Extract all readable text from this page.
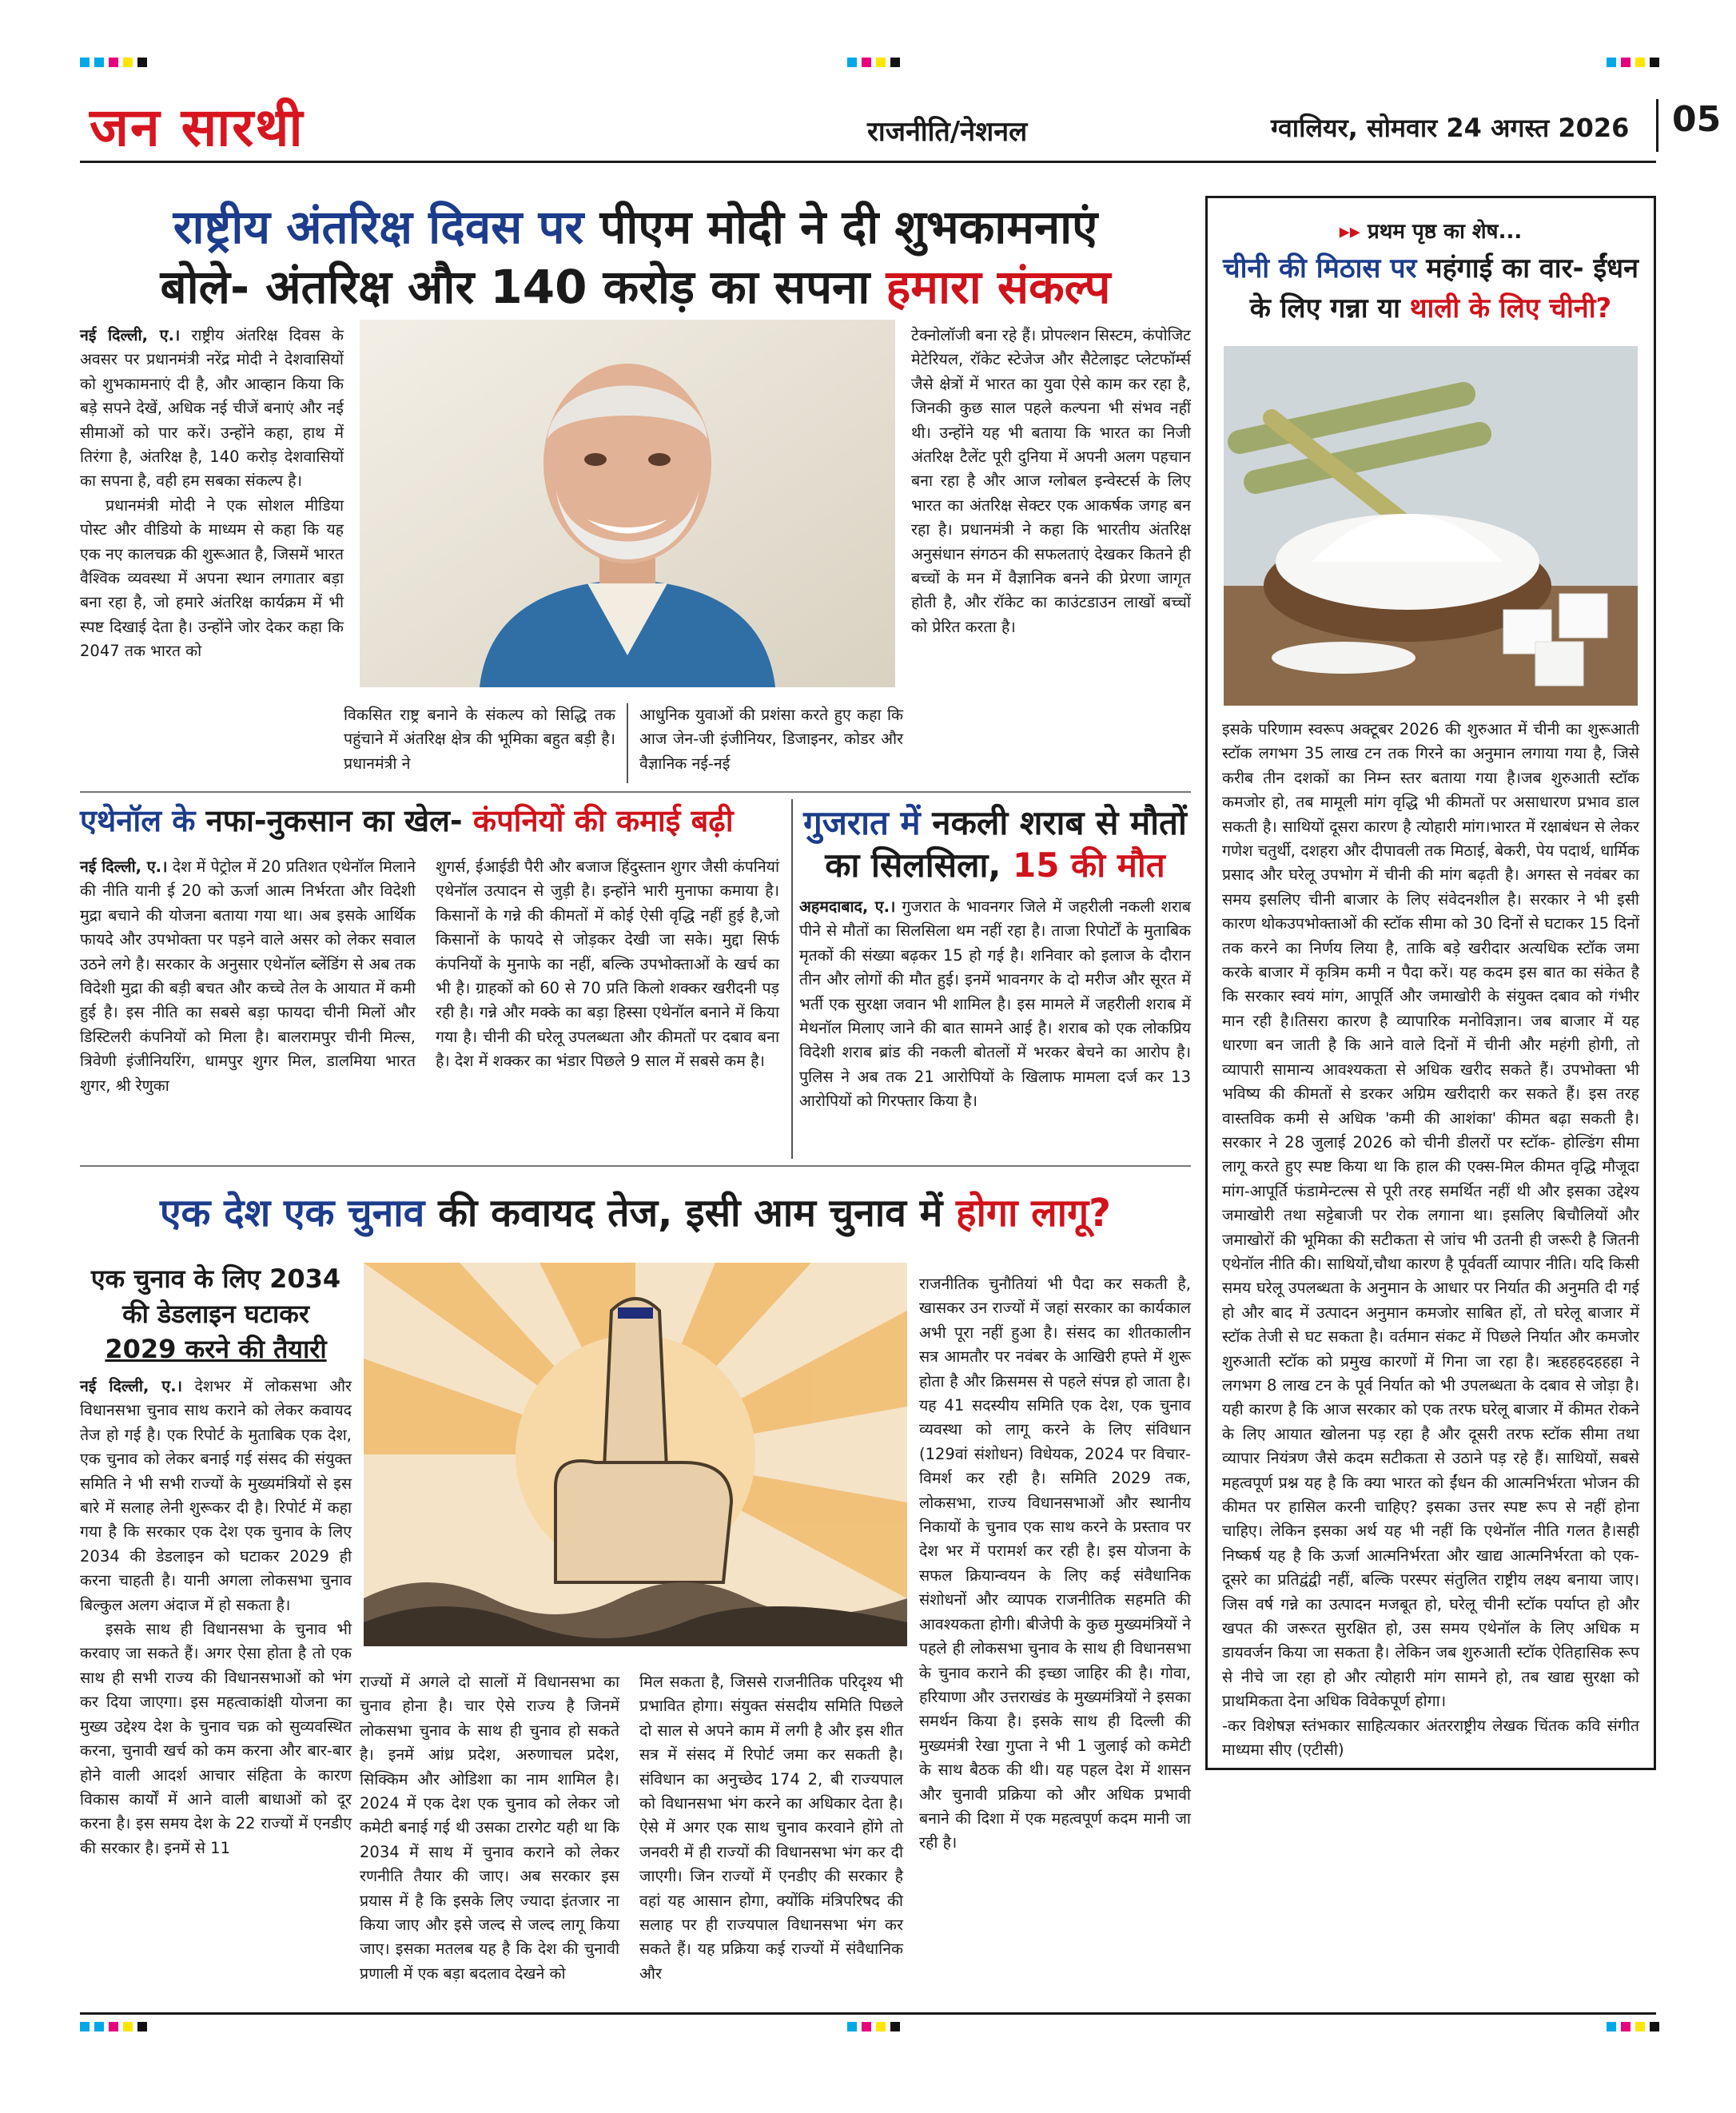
जन सारथी	राजनीति/नेशनल	ग्वालियर, सोमवार 24 अगस्त 2026 05
राष्ट्रीय अंतरिक्ष दिवस पर पीएम मोदी ने दी शुभकामनाएं
बोले- अंतरिक्ष और 140 करोड़ का सपना हमारा संकल्प

नई दिल्ली, ए.। राष्ट्रीय अंतरिक्ष दिवस के अवसर पर प्रधानमंत्री नरेंद्र मोदी ने देशवासियों को शुभकामनाएं दी है, और आव्हान किया कि बड़े सपने देखें, अधिक नई चीजें बनाएं और नई सीमाओं को पार करें। उन्होंने कहा, हाथ में तिरंगा है, अंतरिक्ष है, 140 करोड़ देशवासियों का सपना है, वही हम सबका संकल्प है।

प्रधानमंत्री मोदी ने एक सोशल मीडिया पोस्ट और वीडियो के माध्यम से कहा कि यह एक नए कालचक्र की शुरूआत है, जिसमें भारत वैश्विक व्यवस्था में अपना स्थान लगातार बड़ा बना रहा है, जो हमारे अंतरिक्ष कार्यक्रम में भी स्पष्ट दिखाई देता है। उन्होंने जोर देकर कहा कि 2047 तक भारत को

विकसित राष्ट्र बनाने के संकल्प को सिद्धि तक पहुंचाने में अंतरिक्ष क्षेत्र की भूमिका बहुत बड़ी है। प्रधानमंत्री ने
आधुनिक युवाओं की प्रशंसा करते हुए कहा कि आज जेन-जी इंजीनियर, डिजाइनर, कोडर और वैज्ञानिक नई-नई
टेक्नोलॉजी बना रहे हैं। प्रोपल्शन सिस्टम, कंपोजिट मेटेरियल, रॉकेट स्टेजेज और सैटेलाइट प्लेटफॉर्म्स जैसे क्षेत्रों में भारत का युवा ऐसे काम कर रहा है, जिनकी कुछ साल पहले कल्पना भी संभव नहीं थी। उन्होंने यह भी बताया कि भारत का निजी अंतरिक्ष टैलेंट पूरी दुनिया में अपनी अलग पहचान बना रहा है और आज ग्लोबल इन्वेस्टर्स के लिए भारत का अंतरिक्ष सेक्टर एक आकर्षक जगह बन रहा है। प्रधानमंत्री ने कहा कि भारतीय अंतरिक्ष अनुसंधान संगठन की सफलताएं देखकर कितने ही बच्चों के मन में वैज्ञानिक बनने की प्रेरणा जागृत होती है, और रॉकेट का काउंटडाउन लाखों बच्चों को प्रेरित करता है।
एथेनॉल के नफा-नुकसान का खेल- कंपनियों की कमाई बढ़ी

नई दिल्ली, ए.। देश में पेट्रोल में 20 प्रतिशत एथेनॉल मिलाने की नीति यानी ई 20 को ऊर्जा आत्म निर्भरता और विदेशी मुद्रा बचाने की योजना बताया गया था। अब इसके आर्थिक फायदे और उपभोक्ता पर पड़ने वाले असर को लेकर सवाल उठने लगे है। सरकार के अनुसार एथेनॉल ब्लेंडिंग से अब तक विदेशी मुद्रा की बड़ी बचत और कच्चे तेल के आयात में कमी हुई है। इस नीति का सबसे बड़ा फायदा चीनी मिलों और डिस्टिलरी कंपनियों को मिला है। बालरामपुर चीनी मिल्स, त्रिवेणी इंजीनियरिंग, धामपुर शुगर मिल, डालमिया भारत शुगर, श्री रेणुका

शुगर्स, ईआईडी पैरी और बजाज हिंदुस्तान शुगर जैसी कंपनियां एथेनॉल उत्पादन से जुड़ी है। इन्होंने भारी मुनाफा कमाया है। किसानों के गन्ने की कीमतों में कोई ऐसी वृद्धि नहीं हुई है,जो किसानों के फायदे से जोड़कर देखी जा सके। मुद्दा सिर्फ कंपनियों के मुनाफे का नहीं, बल्कि उपभोक्ताओं के खर्च का भी है। ग्राहकों को 60 से 70 प्रति किलो शक्कर खरीदनी पड़ रही है। गन्ने और मक्के का बड़ा हिस्सा एथेनॉल बनाने में किया गया है। चीनी की घरेलू उपलब्धता और कीमतों पर दबाव बना है। देश में शक्कर का भंडार पिछले 9 साल में सबसे कम है।
गुजरात में नकली शराब से मौतों
का सिलसिला, 15 की मौत

अहमदाबाद, ए.। गुजरात के भावनगर जिले में जहरीली नकली शराब पीने से मौतों का सिलसिला थम नहीं रहा है। ताजा रिपोर्टों के मुताबिक मृतकों की संख्या बढ़कर 15 हो गई है। शनिवार को इलाज के दौरान तीन और लोगों की मौत हुई। इनमें भावनगर के दो मरीज और सूरत में भर्ती एक सुरक्षा जवान भी शामिल है। इस मामले में जहरीली शराब में मेथनॉल मिलाए जाने की बात सामने आई है। शराब को एक लोकप्रिय विदेशी शराब ब्रांड की नकली बोतलों में भरकर बेचने का आरोप है। पुलिस ने अब तक 21 आरोपियों के खिलाफ मामला दर्ज कर 13 आरोपियों को गिरफ्तार किया है।

एक देश एक चुनाव की कवायद तेज, इसी आम चुनाव में होगा लागू?
एक चुनाव के लिए 2034
की डेडलाइन घटाकर
2029 करने की तैयारी

नई दिल्ली, ए.। देशभर में लोकसभा और विधानसभा चुनाव साथ कराने को लेकर कवायद तेज हो गई है। एक रिपोर्ट के मुताबिक एक देश, एक चुनाव को लेकर बनाई गई संसद की संयुक्त समिति ने भी सभी राज्यों के मुख्यमंत्रियों से इस बारे में सलाह लेनी शुरूकर दी है। रिपोर्ट में कहा गया है कि सरकार एक देश एक चुनाव के लिए 2034 की डेडलाइन को घटाकर 2029 ही करना चाहती है। यानी अगला लोकसभा चुनाव बिल्कुल अलग अंदाज में हो सकता है।

इसके साथ ही विधानसभा के चुनाव भी करवाए जा सकते हैं। अगर ऐसा होता है तो एक साथ ही सभी राज्य की विधानसभाओं को भंग कर दिया जाएगा। इस महत्वाकांक्षी योजना का मुख्य उद्देश्य देश के चुनाव चक्र को सुव्यवस्थित करना, चुनावी खर्च को कम करना और बार-बार होने वाली आदर्श आचार संहिता के कारण विकास कार्यों में आने वाली बाधाओं को दूर करना है। इस समय देश के 22 राज्यों में एनडीए की सरकार है। इनमें से 11

राज्यों में अगले दो सालों में विधानसभा का चुनाव होना है। चार ऐसे राज्य है जिनमें लोकसभा चुनाव के साथ ही चुनाव हो सकते है। इनमें आंध्र प्रदेश, अरुणाचल प्रदेश, सिक्किम और ओडिशा का नाम शामिल है। 2024 में एक देश एक चुनाव को लेकर जो कमेटी बनाई गई थी उसका टारगेट यही था कि 2034 में साथ में चुनाव कराने को लेकर रणनीति तैयार की जाए। अब सरकार इस प्रयास में है कि इसके लिए ज्यादा इंतजार ना किया जाए और इसे जल्द से जल्द लागू किया जाए। इसका मतलब यह है कि देश की चुनावी प्रणाली में एक बड़ा बदलाव देखने को
मिल सकता है, जिससे राजनीतिक परिदृश्य भी प्रभावित होगा। संयुक्त संसदीय समिति पिछले दो साल से अपने काम में लगी है और इस शीत सत्र में संसद में रिपोर्ट जमा कर सकती है। संविधान का अनुच्छेद 174 2, बी राज्यपाल को विधानसभा भंग करने का अधिकार देता है। ऐसे में अगर एक साथ चुनाव करवाने होंगे तो जनवरी में ही राज्यों की विधानसभा भंग कर दी जाएगी। जिन राज्यों में एनडीए की सरकार है वहां यह आसान होगा, क्योंकि मंत्रिपरिषद की सलाह पर ही राज्यपाल विधानसभा भंग कर सकते हैं। यह प्रक्रिया कई राज्यों में संवैधानिक और
राजनीतिक चुनौतियां भी पैदा कर सकती है, खासकर उन राज्यों में जहां सरकार का कार्यकाल अभी पूरा नहीं हुआ है। संसद का शीतकालीन सत्र आमतौर पर नवंबर के आखिरी हफ्ते में शुरू होता है और क्रिसमस से पहले संपन्न हो जाता है। यह 41 सदस्यीय समिति एक देश, एक चुनाव व्यवस्था को लागू करने के लिए संविधान (129वां संशोधन) विधेयक, 2024 पर विचार-विमर्श कर रही है। समिति 2029 तक, लोकसभा, राज्य विधानसभाओं और स्थानीय निकायों के चुनाव एक साथ करने के प्रस्ताव पर देश भर में परामर्श कर रही है। इस योजना के सफल क्रियान्वयन के लिए कई संवैधानिक संशोधनों और व्यापक राजनीतिक सहमति की आवश्यकता होगी। बीजेपी के कुछ मुख्यमंत्रियों ने पहले ही लोकसभा चुनाव के साथ ही विधानसभा के चुनाव कराने की इच्छा जाहिर की है। गोवा, हरियाणा और उत्तराखंड के मुख्यमंत्रियों ने इसका समर्थन किया है। इसके साथ ही दिल्ली की मुख्यमंत्री रेखा गुप्ता ने भी 1 जुलाई को कमेटी के साथ बैठक की थी। यह पहल देश में शासन और चुनावी प्रक्रिया को और अधिक प्रभावी बनाने की दिशा में एक महत्वपूर्ण कदम मानी जा रही है।
▸▸ प्रथम पृष्ठ का शेष...
चीनी की मिठास पर महंगाई का वार- ईंधन
के लिए गन्ना या थाली के लिए चीनी?

इसके परिणाम स्वरूप अक्टूबर 2026 की शुरुआत में चीनी का शुरूआती स्टॉक लगभग 35 लाख टन तक गिरने का अनुमान लगाया गया है, जिसे करीब तीन दशकों का निम्न स्तर बताया गया है।जब शुरुआती स्टॉक कमजोर हो, तब मामूली मांग वृद्धि भी कीमतों पर असाधारण प्रभाव डाल सकती है। साथियों दूसरा कारण है त्योहारी मांग।भारत में रक्षाबंधन से लेकर गणेश चतुर्थी, दशहरा और दीपावली तक मिठाई, बेकरी, पेय पदार्थ, धार्मिक प्रसाद और घरेलू उपभोग में चीनी की मांग बढ़ती है। अगस्त से नवंबर का समय इसलिए चीनी बाजार के लिए संवेदनशील है। सरकार ने भी इसी कारण थोकउपभोक्ताओं की स्टॉक सीमा को 30 दिनों से घटाकर 15 दिनों तक करने का निर्णय लिया है, ताकि बड़े खरीदार अत्यधिक स्टॉक जमा करके बाजार में कृत्रिम कमी न पैदा करें। यह कदम इस बात का संकेत है कि सरकार स्वयं मांग, आपूर्ति और जमाखोरी के संयुक्त दबाव को गंभीर मान रही है।तिसरा कारण है व्यापारिक मनोविज्ञान। जब बाजार में यह धारणा बन जाती है कि आने वाले दिनों में चीनी और महंगी होगी, तो व्यापारी सामान्य आवश्यकता से अधिक खरीद सकते हैं। उपभोक्ता भी भविष्य की कीमतों से डरकर अग्रिम खरीदारी कर सकते हैं। इस तरह वास्तविक कमी से अधिक 'कमी की आशंका' कीमत बढ़ा सकती है। सरकार ने 28 जुलाई 2026 को चीनी डीलरों पर स्टॉक- होल्डिंग सीमा लागू करते हुए स्पष्ट किया था कि हाल की एक्स-मिल कीमत वृद्धि मौजूदा मांग-आपूर्ति फंडामेन्टल्स से पूरी तरह समर्थित नहीं थी और इसका उद्देश्य जमाखोरी तथा सट्टेबाजी पर रोक लगाना था। इसलिए बिचौलियों और जमाखोरों की भूमिका की सटीकता से जांच भी उतनी ही जरूरी है जितनी एथेनॉल नीति की। साथियों,चौथा कारण है पूर्ववर्ती व्यापार नीति। यदि किसी समय घरेलू उपलब्धता के अनुमान के आधार पर निर्यात की अनुमति दी गई हो और बाद में उत्पादन अनुमान कमजोर साबित हों, तो घरेलू बाजार में स्टॉक तेजी से घट सकता है। वर्तमान संकट में पिछले निर्यात और कमजोर शुरुआती स्टॉक को प्रमुख कारणों में गिना जा रहा है। ऋहहहदहहहा ने लगभग 8 लाख टन के पूर्व निर्यात को भी उपलब्धता के दबाव से जोड़ा है। यही कारण है कि आज सरकार को एक तरफ घरेलू बाजार में कीमत रोकने के लिए आयात खोलना पड़ रहा है और दूसरी तरफ स्टॉक सीमा तथा व्यापार नियंत्रण जैसे कदम सटीकता से उठाने पड़ रहे हैं। साथियों, सबसे महत्वपूर्ण प्रश्न यह है कि क्या भारत को ईंधन की आत्मनिर्भरता भोजन की कीमत पर हासिल करनी चाहिए? इसका उत्तर स्पष्ट रूप से नहीं होना चाहिए। लेकिन इसका अर्थ यह भी नहीं कि एथेनॉल नीति गलत है।सही निष्कर्ष यह है कि ऊर्जा आत्मनिर्भरता और खाद्य आत्मनिर्भरता को एक-दूसरे का प्रतिद्वंद्वी नहीं, बल्कि परस्पर संतुलित राष्ट्रीय लक्ष्य बनाया जाए। जिस वर्ष गन्ने का उत्पादन मजबूत हो, घरेलू चीनी स्टॉक पर्याप्त हो और खपत की जरूरत सुरक्षित हो, उस समय एथेनॉल के लिए अधिक म डायवर्जन किया जा सकता है। लेकिन जब शुरुआती स्टॉक ऐतिहासिक रूप से नीचे जा रहा हो और त्योहारी मांग सामने हो, तब खाद्य सुरक्षा को प्राथमिकता देना अधिक विवेकपूर्ण होगा।

-कर विशेषज्ञ स्तंभकार साहित्यकार अंतरराष्ट्रीय लेखक चिंतक कवि संगीत माध्यमा सीए (एटीसी)
